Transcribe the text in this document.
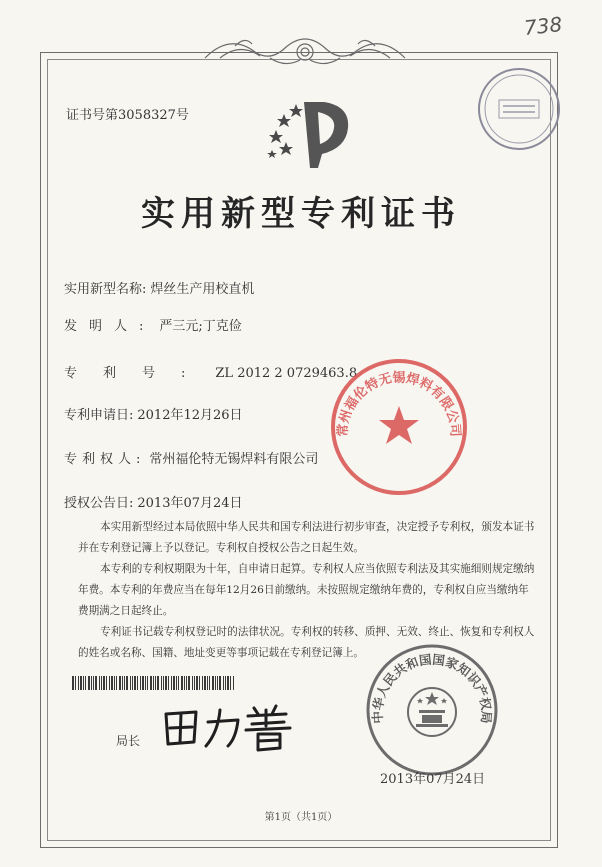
738
证书号第3058327号
实用新型专利证书
实用新型名称: 焊丝生产用校直机
发明人: 严三元;丁克俭
专利号: ZL 2012 2 0729463.8
专利申请日: 2012年12月26日
专利权人: 常州福伦特无锡焊料有限公司
授权公告日: 2013年07月24日
常州福伦特无锡焊料有限公司

本实用新型经过本局依照中华人民共和国专利法进行初步审查，决定授予专利权，颁发本证书并在专利登记簿上予以登记。专利权自授权公告之日起生效。

本专利的专利权期限为十年，自申请日起算。专利权人应当依照专利法及其实施细则规定缴纳年费。本专利的年费应当在每年12月26日前缴纳。未按照规定缴纳年费的，专利权自应当缴纳年费期满之日起终止。

专利证书记载专利权登记时的法律状况。专利权的转移、质押、无效、终止、恢复和专利权人的姓名或名称、国籍、地址变更等事项记载在专利登记簿上。

局长
中华人民共和国国家知识产权局
2013年07月24日
第1页（共1页）
